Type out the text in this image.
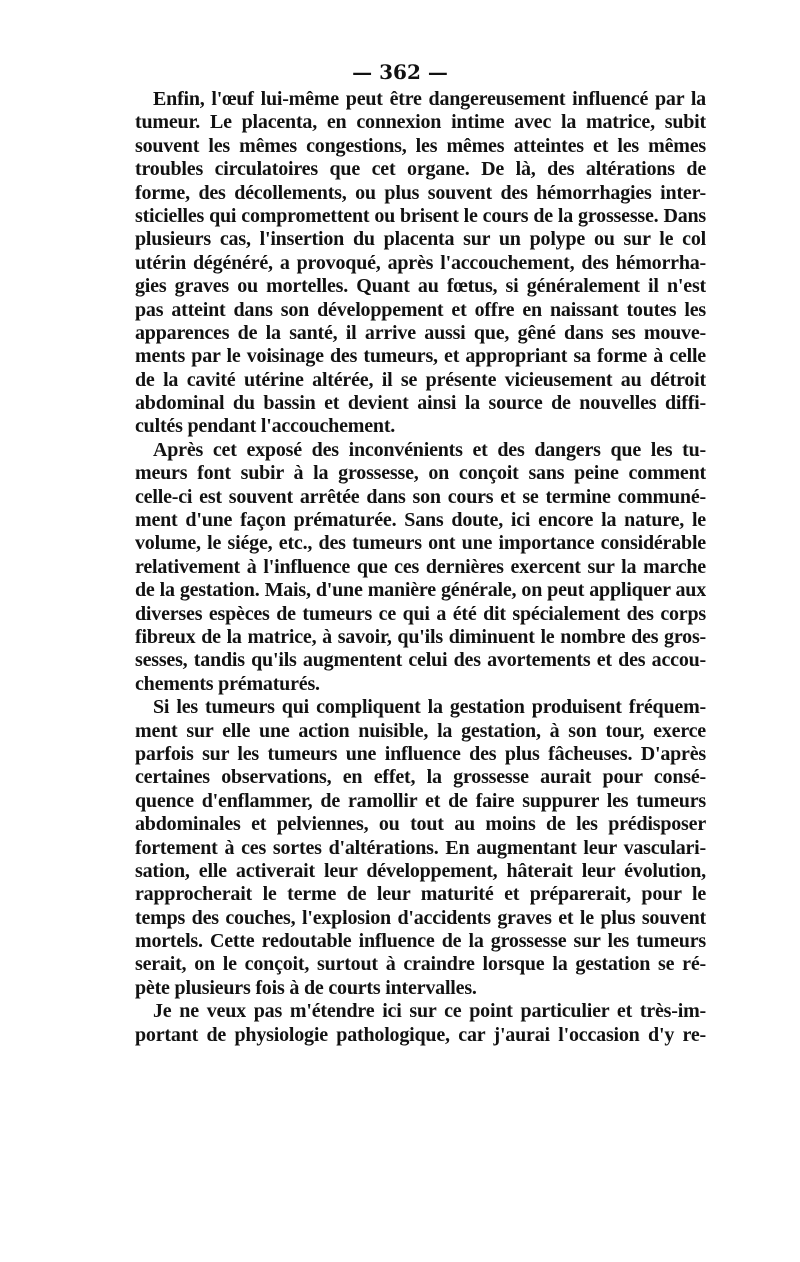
— 362 —
Enfin, l'œuf lui-même peut être dangereusement influencé par la
tumeur. Le placenta, en connexion intime avec la matrice, subit
souvent les mêmes congestions, les mêmes atteintes et les mêmes
troubles circulatoires que cet organe. De là, des altérations de
forme, des décollements, ou plus souvent des hémorrhagies inter-
sticielles qui compromettent ou brisent le cours de la grossesse. Dans
plusieurs cas, l'insertion du placenta sur un polype ou sur le col
utérin dégénéré, a provoqué, après l'accouchement, des hémorrha-
gies graves ou mortelles. Quant au fœtus, si généralement il n'est
pas atteint dans son développement et offre en naissant toutes les
apparences de la santé, il arrive aussi que, gêné dans ses mouve-
ments par le voisinage des tumeurs, et appropriant sa forme à celle
de la cavité utérine altérée, il se présente vicieusement au détroit
abdominal du bassin et devient ainsi la source de nouvelles diffi-
cultés pendant l'accouchement.
Après cet exposé des inconvénients et des dangers que les tu-
meurs font subir à la grossesse, on conçoit sans peine comment
celle-ci est souvent arrêtée dans son cours et se termine communé-
ment d'une façon prématurée. Sans doute, ici encore la nature, le
volume, le siége, etc., des tumeurs ont une importance considérable
relativement à l'influence que ces dernières exercent sur la marche
de la gestation. Mais, d'une manière générale, on peut appliquer aux
diverses espèces de tumeurs ce qui a été dit spécialement des corps
fibreux de la matrice, à savoir, qu'ils diminuent le nombre des gros-
sesses, tandis qu'ils augmentent celui des avortements et des accou-
chements prématurés.
Si les tumeurs qui compliquent la gestation produisent fréquem-
ment sur elle une action nuisible, la gestation, à son tour, exerce
parfois sur les tumeurs une influence des plus fâcheuses. D'après
certaines observations, en effet, la grossesse aurait pour consé-
quence d'enflammer, de ramollir et de faire suppurer les tumeurs
abdominales et pelviennes, ou tout au moins de les prédisposer
fortement à ces sortes d'altérations. En augmentant leur vasculari-
sation, elle activerait leur développement, hâterait leur évolution,
rapprocherait le terme de leur maturité et préparerait, pour le
temps des couches, l'explosion d'accidents graves et le plus souvent
mortels. Cette redoutable influence de la grossesse sur les tumeurs
serait, on le conçoit, surtout à craindre lorsque la gestation se ré-
pète plusieurs fois à de courts intervalles.
Je ne veux pas m'étendre ici sur ce point particulier et très-im-
portant de physiologie pathologique, car j'aurai l'occasion d'y re-
